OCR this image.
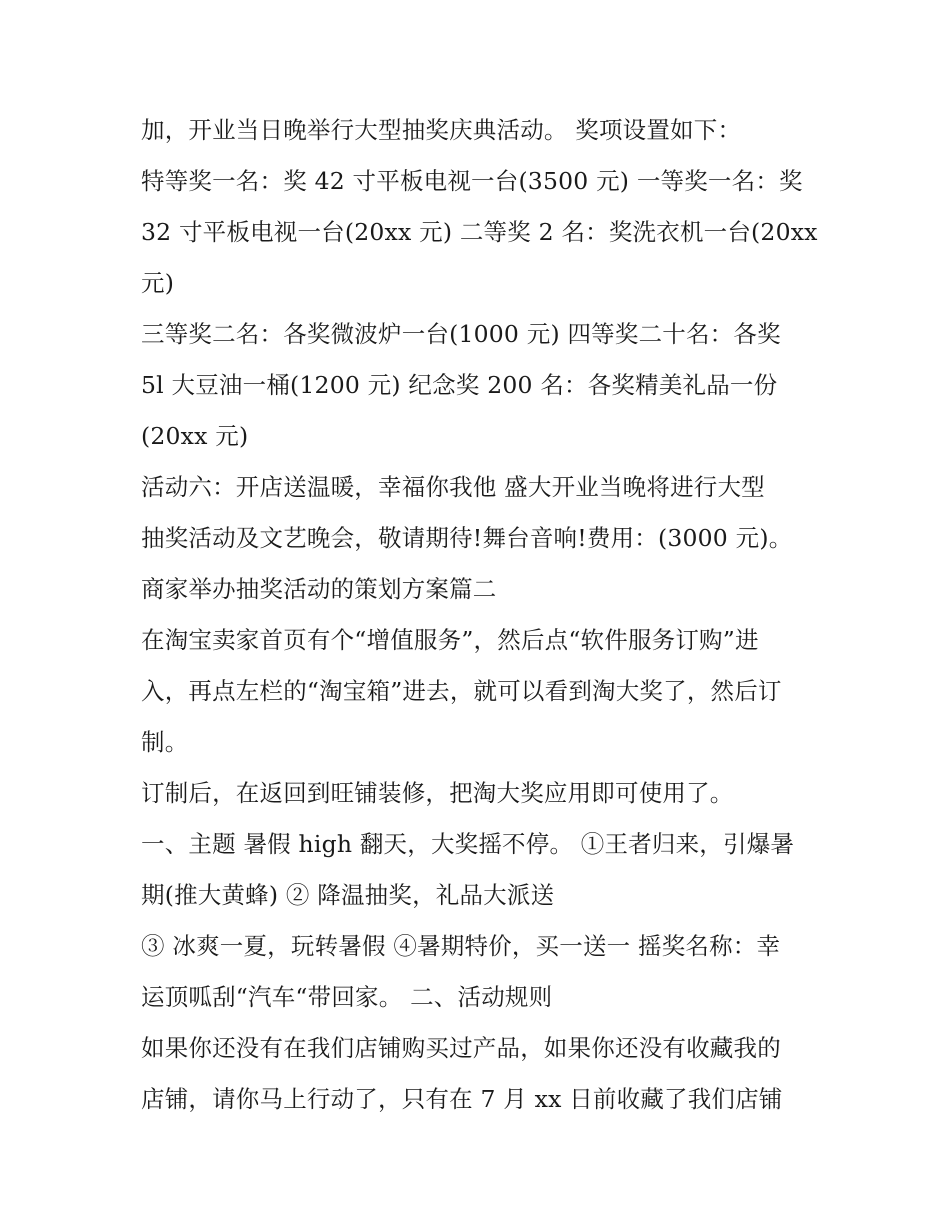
加，开业当日晚举行大型抽奖庆典活动。 奖项设置如下：

特等奖一名：奖 42 寸平板电视一台(3500 元) 一等奖一名：奖

32 寸平板电视一台(20xx 元) 二等奖 2 名：奖洗衣机一台(20xx

元)

三等奖二名：各奖微波炉一台(1000 元) 四等奖二十名：各奖

5l 大豆油一桶(1200 元) 纪念奖 200 名：各奖精美礼品一份

(20xx 元)

活动六：开店送温暖，幸福你我他 盛大开业当晚将进行大型

抽奖活动及文艺晚会，敬请期待!舞台音响!费用：(3000 元)。

商家举办抽奖活动的策划方案篇二

在淘宝卖家首页有个“增值服务”，然后点“软件服务订购”进

入，再点左栏的“淘宝箱”进去，就可以看到淘大奖了，然后订

制。

订制后，在返回到旺铺装修，把淘大奖应用即可使用了。

一、主题 暑假 high 翻天，大奖摇不停。 ①王者归来，引爆暑

期(推大黄蜂) ② 降温抽奖，礼品大派送

③ 冰爽一夏，玩转暑假 ④暑期特价，买一送一 摇奖名称：幸

运顶呱刮“汽车“带回家。 二、活动规则

如果你还没有在我们店铺购买过产品，如果你还没有收藏我的

店铺，请你马上行动了，只有在 7 月 xx 日前收藏了我们店铺
